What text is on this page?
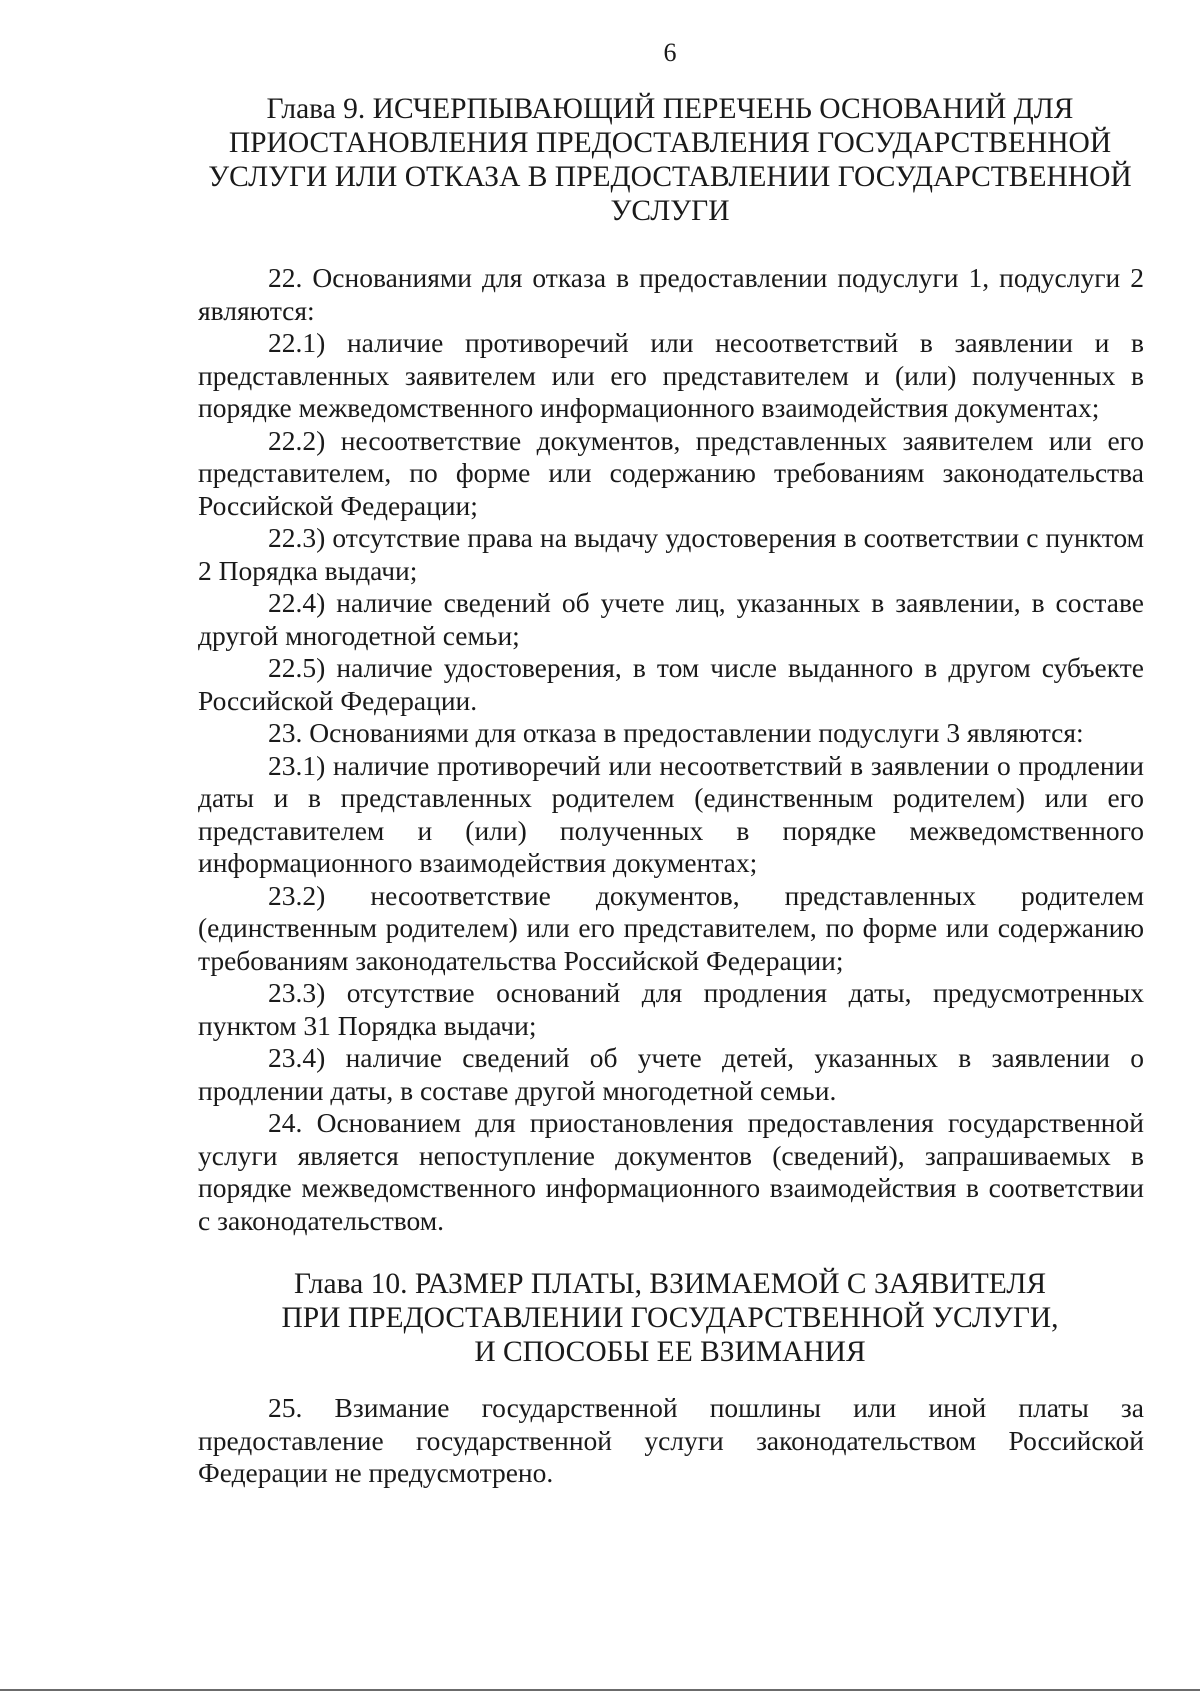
6
Глава 9. ИСЧЕРПЫВАЮЩИЙ ПЕРЕЧЕНЬ ОСНОВАНИЙ ДЛЯ
ПРИОСТАНОВЛЕНИЯ ПРЕДОСТАВЛЕНИЯ ГОСУДАРСТВЕННОЙ
УСЛУГИ ИЛИ ОТКАЗА В ПРЕДОСТАВЛЕНИИ ГОСУДАРСТВЕННОЙ
УСЛУГИ

22. Основаниями для отказа в предоставлении подуслуги 1, подуслуги 2 являются:

22.1) наличие противоречий или несоответствий в заявлении и в представленных заявителем или его представителем и (или) полученных в порядке межведомственного информационного взаимодействия документах;

22.2) несоответствие документов, представленных заявителем или его представителем, по форме или содержанию требованиям законодательства Российской Федерации;

22.3) отсутствие права на выдачу удостоверения в соответствии с пунктом 2 Порядка выдачи;

22.4) наличие сведений об учете лиц, указанных в заявлении, в составе другой многодетной семьи;

22.5) наличие удостоверения, в том числе выданного в другом субъекте Российской Федерации.

23. Основаниями для отказа в предоставлении подуслуги 3 являются:

23.1) наличие противоречий или несоответствий в заявлении о продлении даты и в представленных родителем (единственным родителем) или его представителем и (или) полученных в порядке межведомственного информационного взаимодействия документах;

23.2) несоответствие документов, представленных родителем (единственным родителем) или его представителем, по форме или содержанию требованиям законодательства Российской Федерации;

23.3) отсутствие оснований для продления даты, предусмотренных пунктом 31 Порядка выдачи;

23.4) наличие сведений об учете детей, указанных в заявлении о продлении даты, в составе другой многодетной семьи.

24. Основанием для приостановления предоставления государственной услуги является непоступление документов (сведений), запрашиваемых в порядке межведомственного информационного взаимодействия в соответствии с законодательством.

Глава 10. РАЗМЕР ПЛАТЫ, ВЗИМАЕМОЙ С ЗАЯВИТЕЛЯ
ПРИ ПРЕДОСТАВЛЕНИИ ГОСУДАРСТВЕННОЙ УСЛУГИ,
И СПОСОБЫ ЕЕ ВЗИМАНИЯ

25. Взимание государственной пошлины или иной платы за предоставление государственной услуги законодательством Российской Федерации не предусмотрено.
